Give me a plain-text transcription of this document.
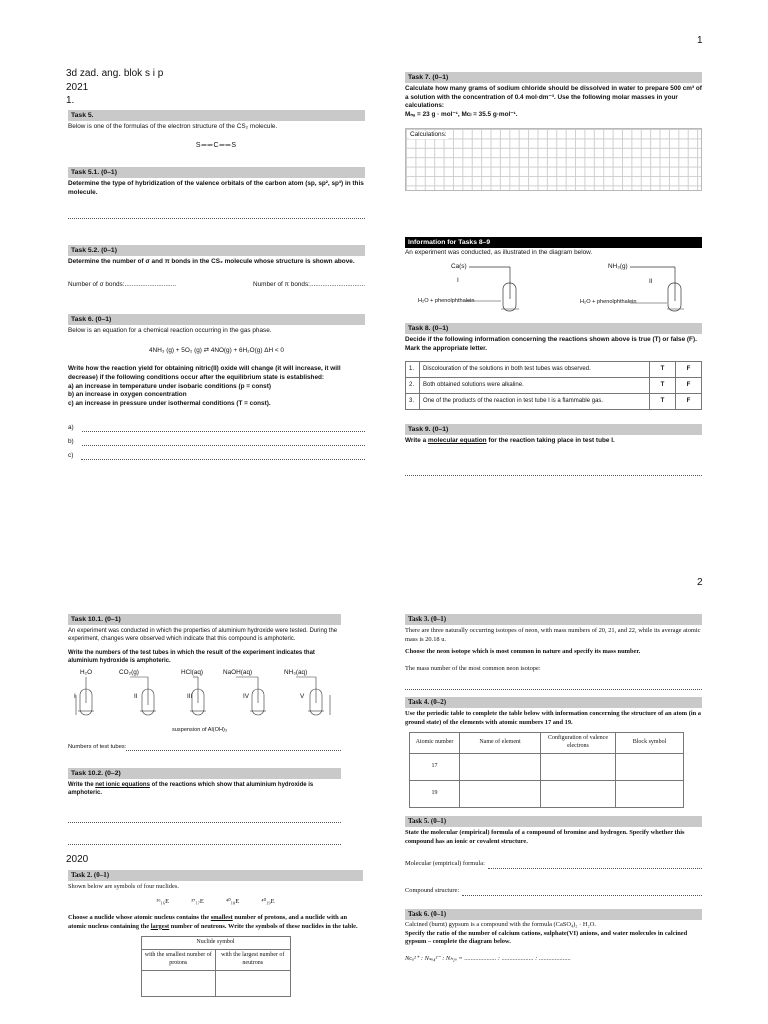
1
3d zad. ang. blok s i p
2021
1.
Task 5.
Below is one of the formulas of the electron structure of the CS₂ molecule.
S══C══S
Task 5.1. (0–1)
Determine the type of hybridization of the valence orbitals of the carbon atom (sp, sp², sp³) in this molecule.
Task 5.2. (0–1)
Determine the number of σ and π bonds in the CS₂ molecule whose structure is shown above.
Number of σ bonds:.............................	Number of π bonds:...............................
Task 6. (0–1)
Below is an equation for a chemical reaction occurring in the gas phase.
4NH₃ (g) + 5O₂ (g) ⇄ 4NO(g) + 6H₂O(g) ΔH < 0
Write how the reaction yield for obtaining nitric(II) oxide will change (it will increase, it will decrease) if the following conditions occur after the equilibrium state is established:
a) an increase in temperature under isobaric conditions (p = const)
b) an increase in oxygen concentration
c) an increase in pressure under isothermal conditions (T = const).
a)
b)
c)
Task 7. (0–1)
Calculate how many grams of sodium chloride should be dissolved in water to prepare 500 cm³ of a solution with the concentration of 0.4 mol·dm⁻³. Use the following molar masses in your calculations:
Mₙₐ = 23 g · mol⁻¹, Mᴄₗ = 35.5 g·mol⁻¹.
Calculations:
Information for Tasks 8–9
An experiment was conducted, as illustrated in the diagram below.
Ca(s)	NH₃(g)
I	II
H₂O + phenolphthalein	H₂O + phenolphthalein
Task 8. (0–1)
Decide if the following information concerning the reactions shown above is true (T) or false (F). Mark the appropriate letter.
1.	Discolouration of the solutions in both test tubes was observed.	T	F
2.	Both obtained solutions were alkaline.	T	F
3.	One of the products of the reaction in test tube I is a flammable gas.	T	F
Task 9. (0–1)
Write a molecular equation for the reaction taking place in test tube I.
2
Task 10.1. (0–1)
An experiment was conducted in which the properties of aluminium hydroxide were tested. During the experiment, changes were observed which indicate that this compound is amphoteric.
Write the numbers of the test tubes in which the result of the experiment indicates that aluminium hydroxide is amphoteric.
H₂O	CO₂(g)	HCl(aq)	NaOH(aq)	NH₃(aq)
I	II	III	IV	V
suspension of Al(OH)₃
Numbers of test tubes:
Task 10.2. (0–2)
Write the net ionic equations of the reactions which show that aluminium hydroxide is amphoteric.
2020
Task 2. (0–1)
Shown below are symbols of four nuclides.
³⁶₁₆E	³⁷₁₇E	⁴⁰₁₈E	⁴⁰₁₉E
Choose a nuclide whose atomic nucleus contains the smallest number of protons, and a nuclide with an atomic nucleus containing the largest number of neutrons. Write the symbols of these nuclides in the table.
Nuclide symbol	
with the smallest number of protons	with the largest number of neutrons

Task 3. (0–1)
There are three naturally occurring isotopes of neon, with mass numbers of 20, 21, and 22, while its average atomic mass is 20.18 u.
Choose the neon isotope which is most common in nature and specify its mass number.
The mass number of the most common neon isotope:
Task 4. (0–2)
Use the periodic table to complete the table below with information concerning the structure of an atom (in a ground state) of the elements with atomic numbers 17 and 19.
Atomic number	Name of element	Configuration of valence electrons	Block symbol
17			
19			
Task 5. (0–1)
State the molecular (empirical) formula of a compound of bromine and hydrogen. Specify whether this compound has an ionic or covalent structure.
Molecular (empirical) formula:
Compound structure:
Task 6. (0–1)
Calcined (burnt) gypsum is a compound with the formula (CaSO₄)₂ · H₂O.
Specify the ratio of the number of calcium cations, sulphate(VI) anions, and water molecules in calcined gypsum – complete the diagram below.
Nᴄₐ²⁺ : Nₛₒ₄²⁻ : Nₕ₂ₒ = .................... : .................... : ....................
